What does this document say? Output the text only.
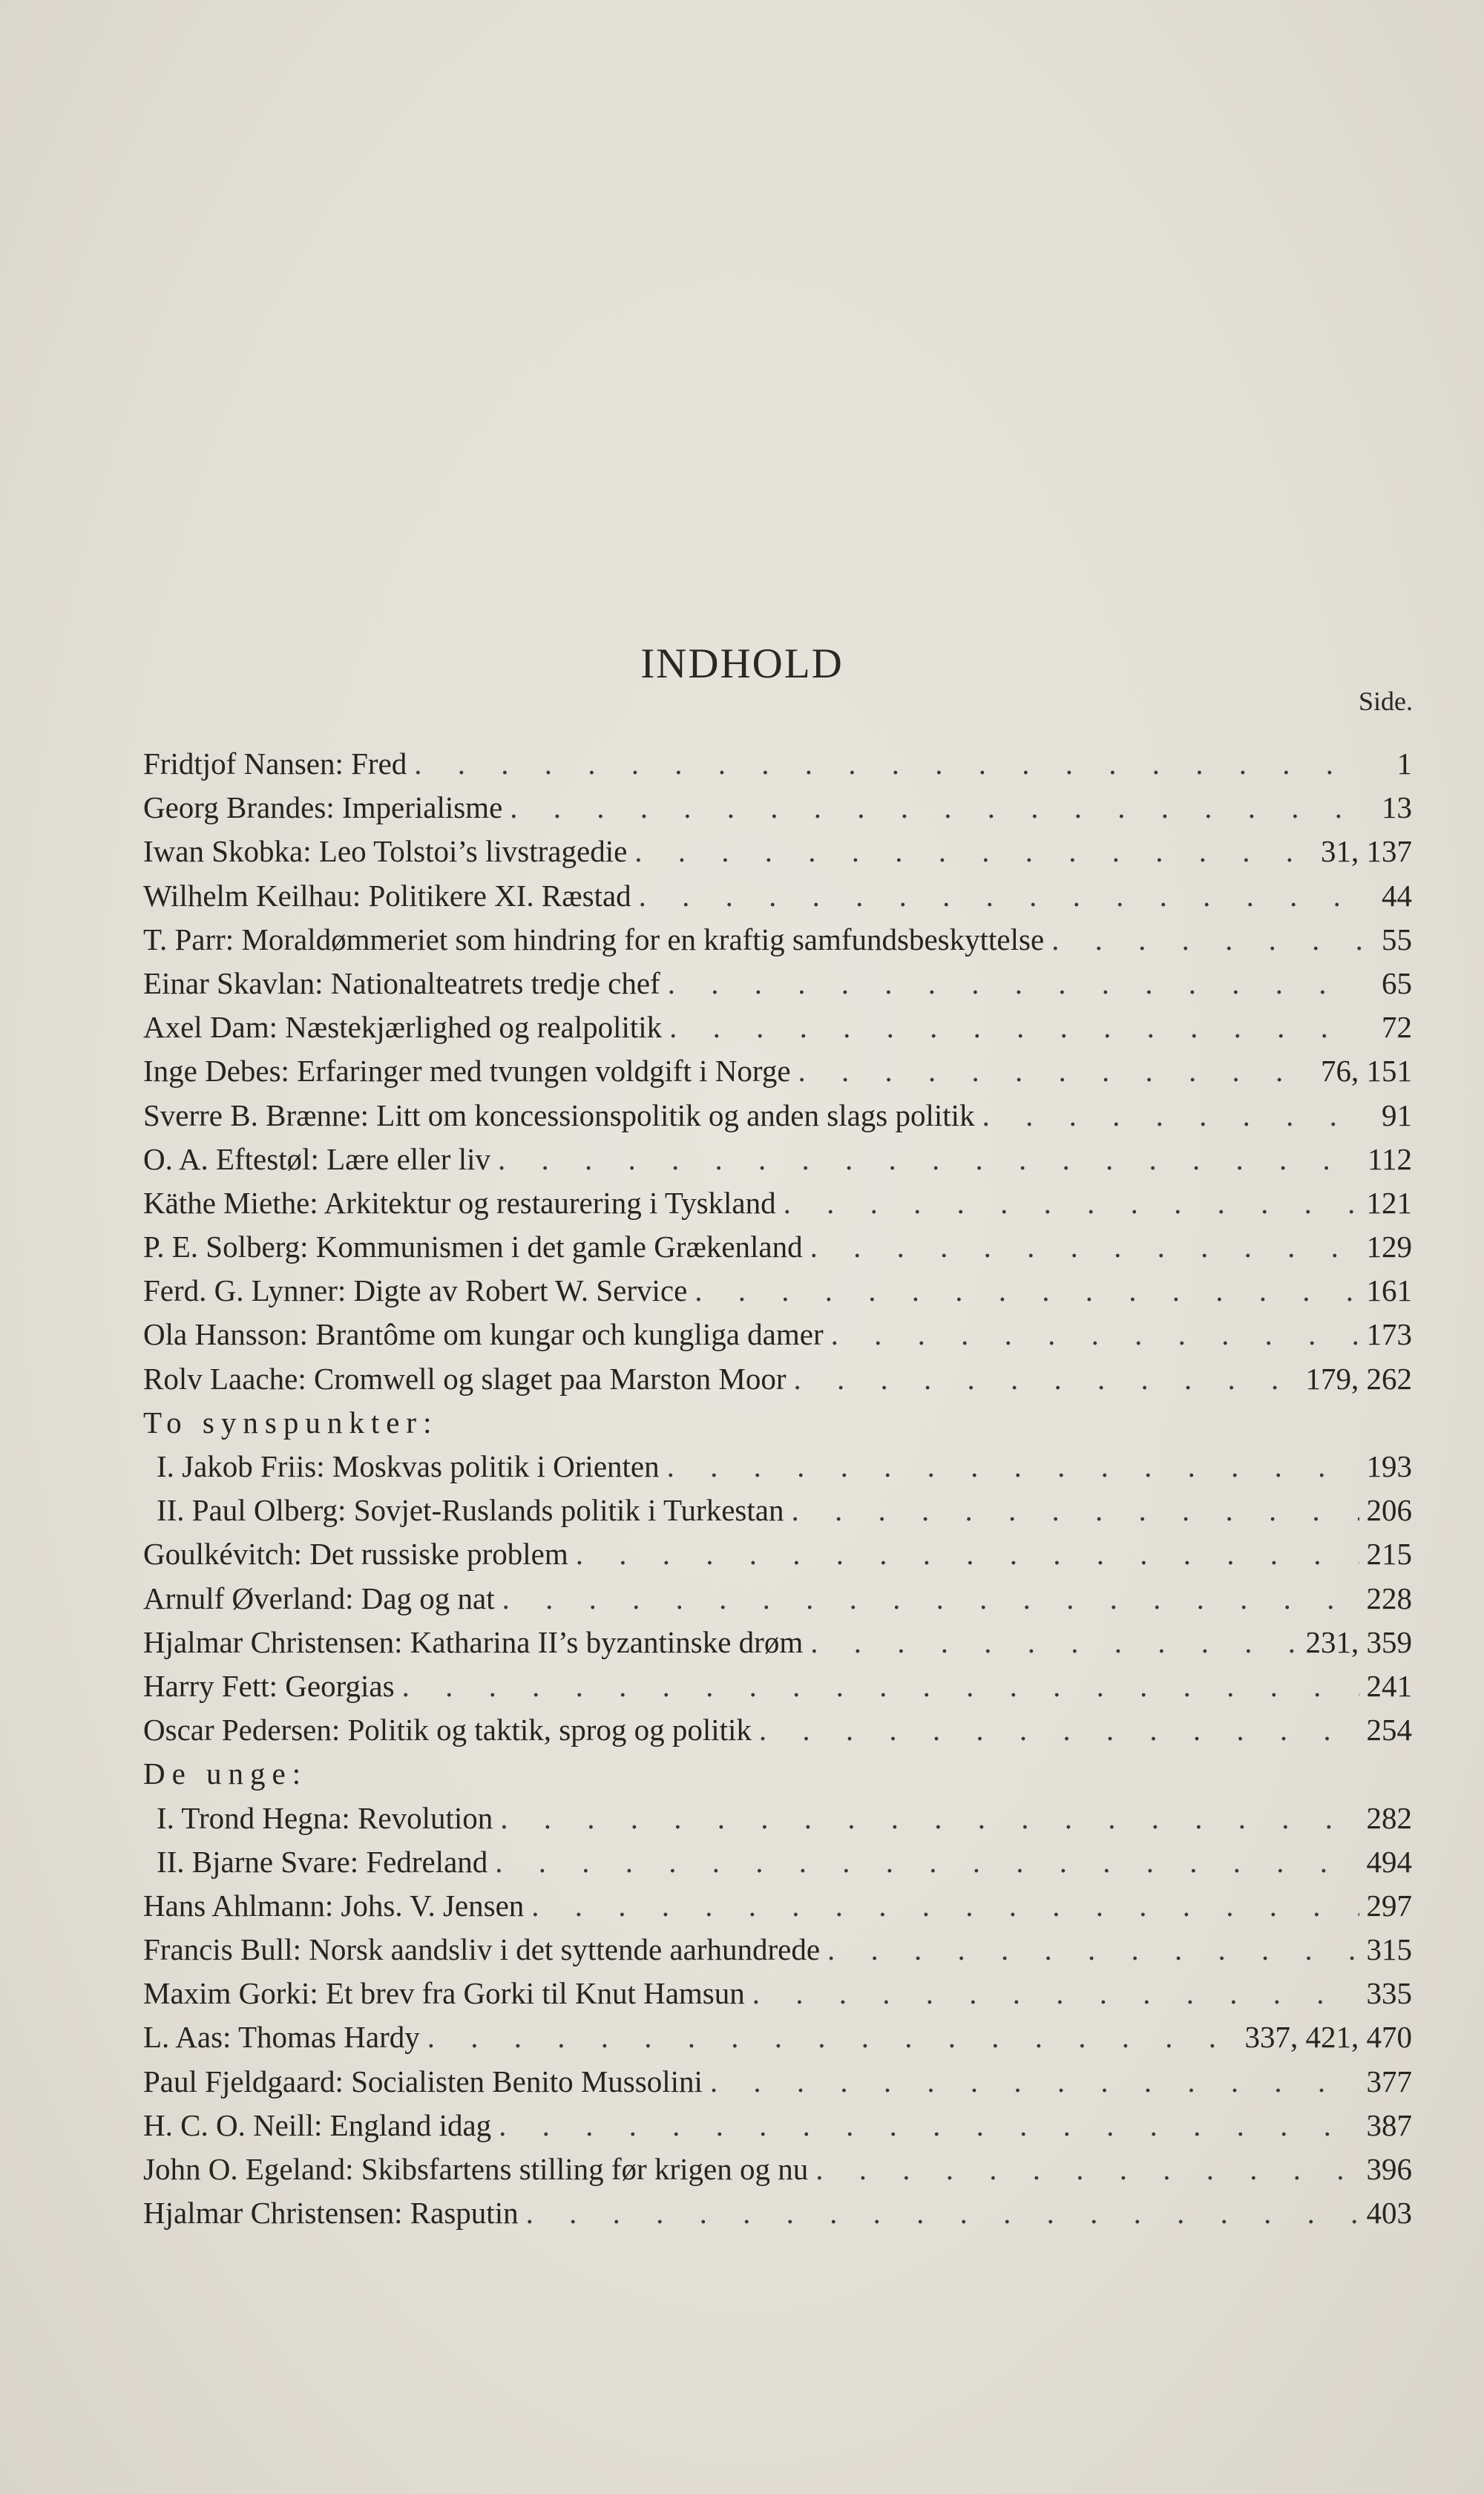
INDHOLD
Side.
Fridtjof Nansen: Fred . . .	1
Georg Brandes: Imperialisme . . .	13
Iwan Skobka: Leo Tolstoi’s livstragedie . . .	31, 137
Wilhelm Keilhau: Politikere XI. Ræstad . . .	44
T. Parr: Moraldømmeriet som hindring for en kraftig samfundsbeskyttelse . . .	55
Einar Skavlan: Nationalteatrets tredje chef . . .	65
Axel Dam: Næstekjærlighed og realpolitik . . .	72
Inge Debes: Erfaringer med tvungen voldgift i Norge . . .	76, 151
Sverre B. Brænne: Litt om koncessionspolitik og anden slags politik . . .	91
O. A. Eftestøl: Lære eller liv . . .	112
Käthe Miethe: Arkitektur og restaurering i Tyskland . . .	121
P. E. Solberg: Kommunismen i det gamle Grækenland . . .	129
Ferd. G. Lynner: Digte av Robert W. Service . . .	161
Ola Hansson: Brantôme om kungar och kungliga damer . . .	173
Rolv Laache: Cromwell og slaget paa Marston Moor . . .	179, 262
To synspunkter:
I. Jakob Friis: Moskvas politik i Orienten . . .	193
II. Paul Olberg: Sovjet-Ruslands politik i Turkestan . . .	206
Goulkévitch: Det russiske problem . . .	215
Arnulf Øverland: Dag og nat . . .	228
Hjalmar Christensen: Katharina II’s byzantinske drøm . . .	231, 359
Harry Fett: Georgias . . .	241
Oscar Pedersen: Politik og taktik, sprog og politik . . .	254
De unge:
I. Trond Hegna: Revolution . . .	282
II. Bjarne Svare: Fedreland . . .	494
Hans Ahlmann: Johs. V. Jensen . . .	297
Francis Bull: Norsk aandsliv i det syttende aarhundrede . . .	315
Maxim Gorki: Et brev fra Gorki til Knut Hamsun . . .	335
L. Aas: Thomas Hardy . . .	337, 421, 470
Paul Fjeldgaard: Socialisten Benito Mussolini . . .	377
H. C. O. Neill: England idag . . .	387
John O. Egeland: Skibsfartens stilling før krigen og nu . . .	396
Hjalmar Christensen: Rasputin . . .	403
